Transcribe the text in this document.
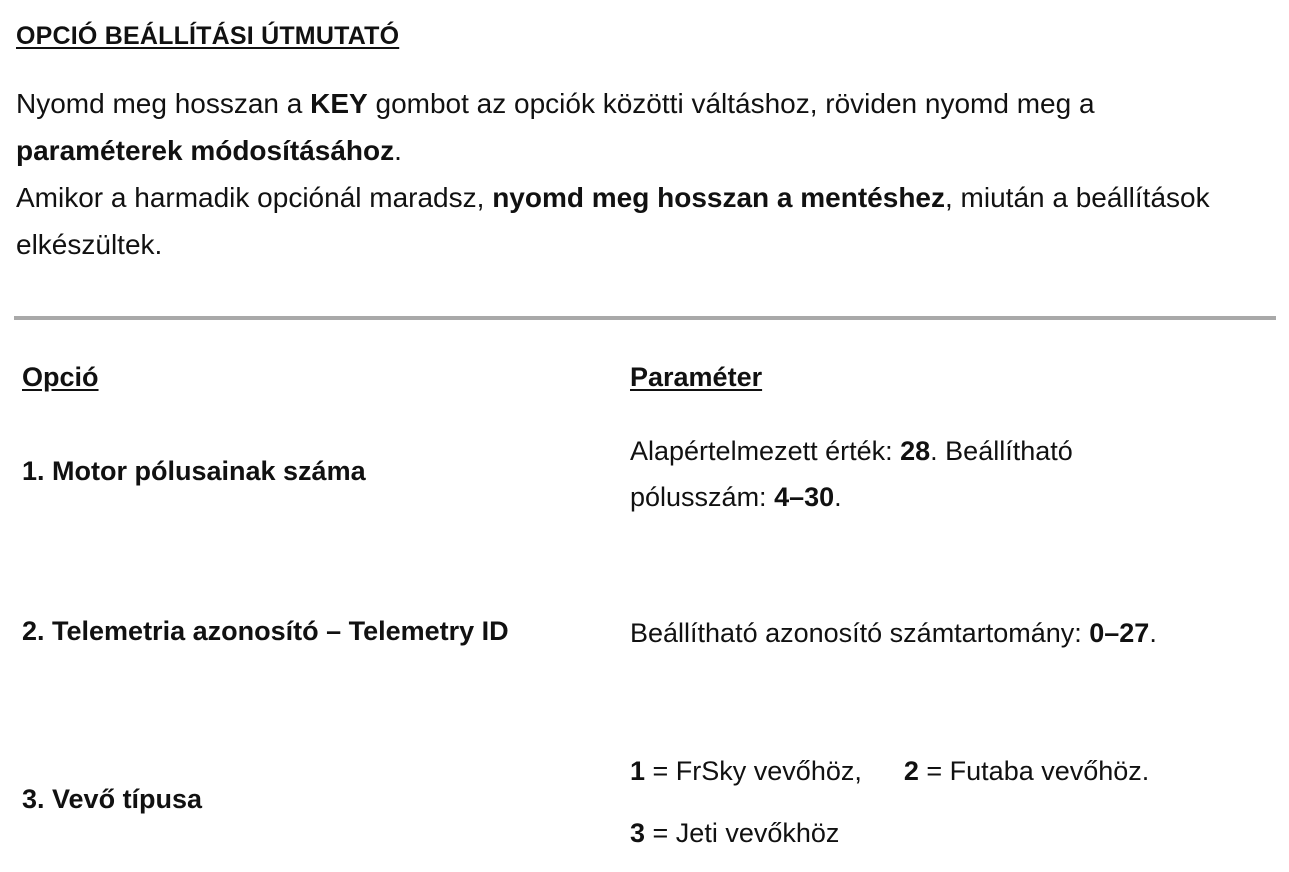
OPCIÓ BEÁLLÍTÁSI ÚTMUTATÓ

Nyomd meg hosszan a KEY gombot az opciók közötti váltáshoz, röviden nyomd meg a
paraméterek módosításához.

Amikor a harmadik opciónál maradsz, nyomd meg hosszan a mentéshez, miután a beállítások elkészültek.

Opció	Paraméter
1. Motor pólusainak száma

Alapértelmezett érték: 28. Beállítható

pólusszám: 4–30.

2. Telemetria azonosító – Telemetry ID	Beállítható azonosító számtartomány: 0–27.

3. Vevő típusa

1 = FrSky vevőhöz, 2 = Futaba vevőhöz.

3 = Jeti vevőkhöz
